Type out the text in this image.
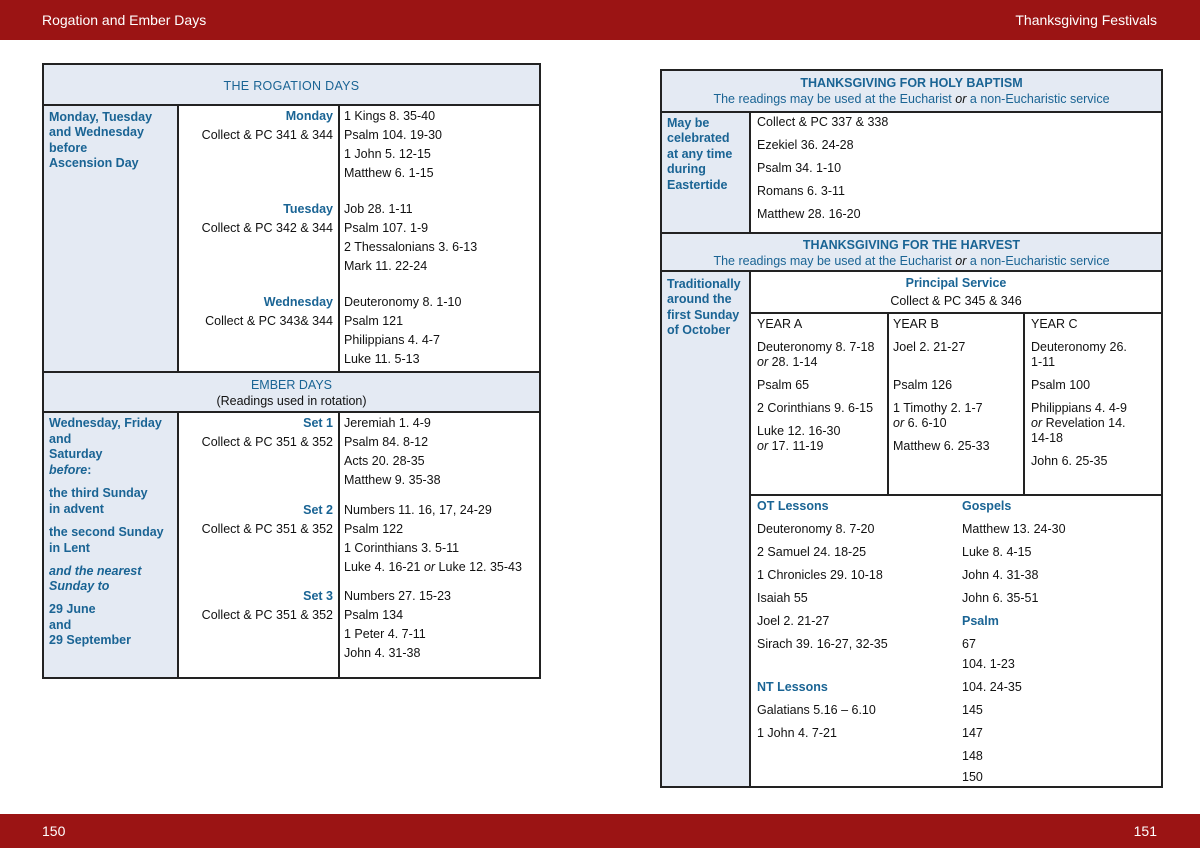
Rogation and Ember Days	Thanksgiving Festivals
150	151
THE ROGATION DAYS
Monday, Tuesday
and Wednesday
before
Ascension Day
Monday
Collect & PC 341 & 344
1 Kings 8. 35-40
Psalm 104. 19-30
1 John 5. 12-15
Matthew 6. 1-15
Tuesday
Collect & PC 342 & 344
Job 28. 1-11
Psalm 107. 1-9
2 Thessalonians 3. 6-13
Mark 11. 22-24
Wednesday
Collect & PC 343& 344
Deuteronomy 8. 1-10
Psalm 121
Philippians 4. 4-7
Luke 11. 5-13
EMBER DAYS
(Readings used in rotation)
Wednesday, Friday
and
Saturday
before:
the third Sunday
in advent
the second Sunday
in Lent
and the nearest
Sunday to
29 June
and
29 September
Set 1
Collect & PC 351 & 352
Jeremiah 1. 4-9
Psalm 84. 8-12
Acts 20. 28-35
Matthew 9. 35-38
Set 2
Collect & PC 351 & 352
Numbers 11. 16, 17, 24-29
Psalm 122
1 Corinthians 3. 5-11
Luke 4. 16-21 or Luke 12. 35-43
Set 3
Collect & PC 351 & 352
Numbers 27. 15-23
Psalm 134
1 Peter 4. 7-11
John 4. 31-38
THANKSGIVING FOR HOLY BAPTISM
The readings may be used at the Eucharist or a non-Eucharistic service
May be
celebrated
at any time
during
Eastertide
Collect & PC 337 & 338
Ezekiel 36. 24-28
Psalm 34. 1-10
Romans 6. 3-11
Matthew 28. 16-20
THANKSGIVING FOR THE HARVEST
The readings may be used at the Eucharist or a non-Eucharistic service
Traditionally
around the
first Sunday
of October
Principal Service
Collect & PC 345 & 346
YEAR A
Deuteronomy 8. 7-18
or 28. 1-14
Psalm 65
2 Corinthians 9. 6-15
Luke 12. 16-30
or 17. 11-19
YEAR B
Joel 2. 21-27
Psalm 126
1 Timothy 2. 1-7
or 6. 6-10
Matthew 6. 25-33
YEAR C
Deuteronomy 26.
1-11
Psalm 100
Philippians 4. 4-9
or Revelation 14.
14-18
John 6. 25-35
OT Lessons
Deuteronomy 8. 7-20
2 Samuel 24. 18-25
1 Chronicles 29. 10-18
Isaiah 55
Joel 2. 21-27
Sirach 39. 16-27, 32-35
NT Lessons
Galatians 5.16 – 6.10
1 John 4. 7-21
Gospels
Matthew 13. 24-30
Luke 8. 4-15
John 4. 31-38
John 6. 35-51
Psalm
67
104. 1-23
104. 24-35
145
147
148
150
